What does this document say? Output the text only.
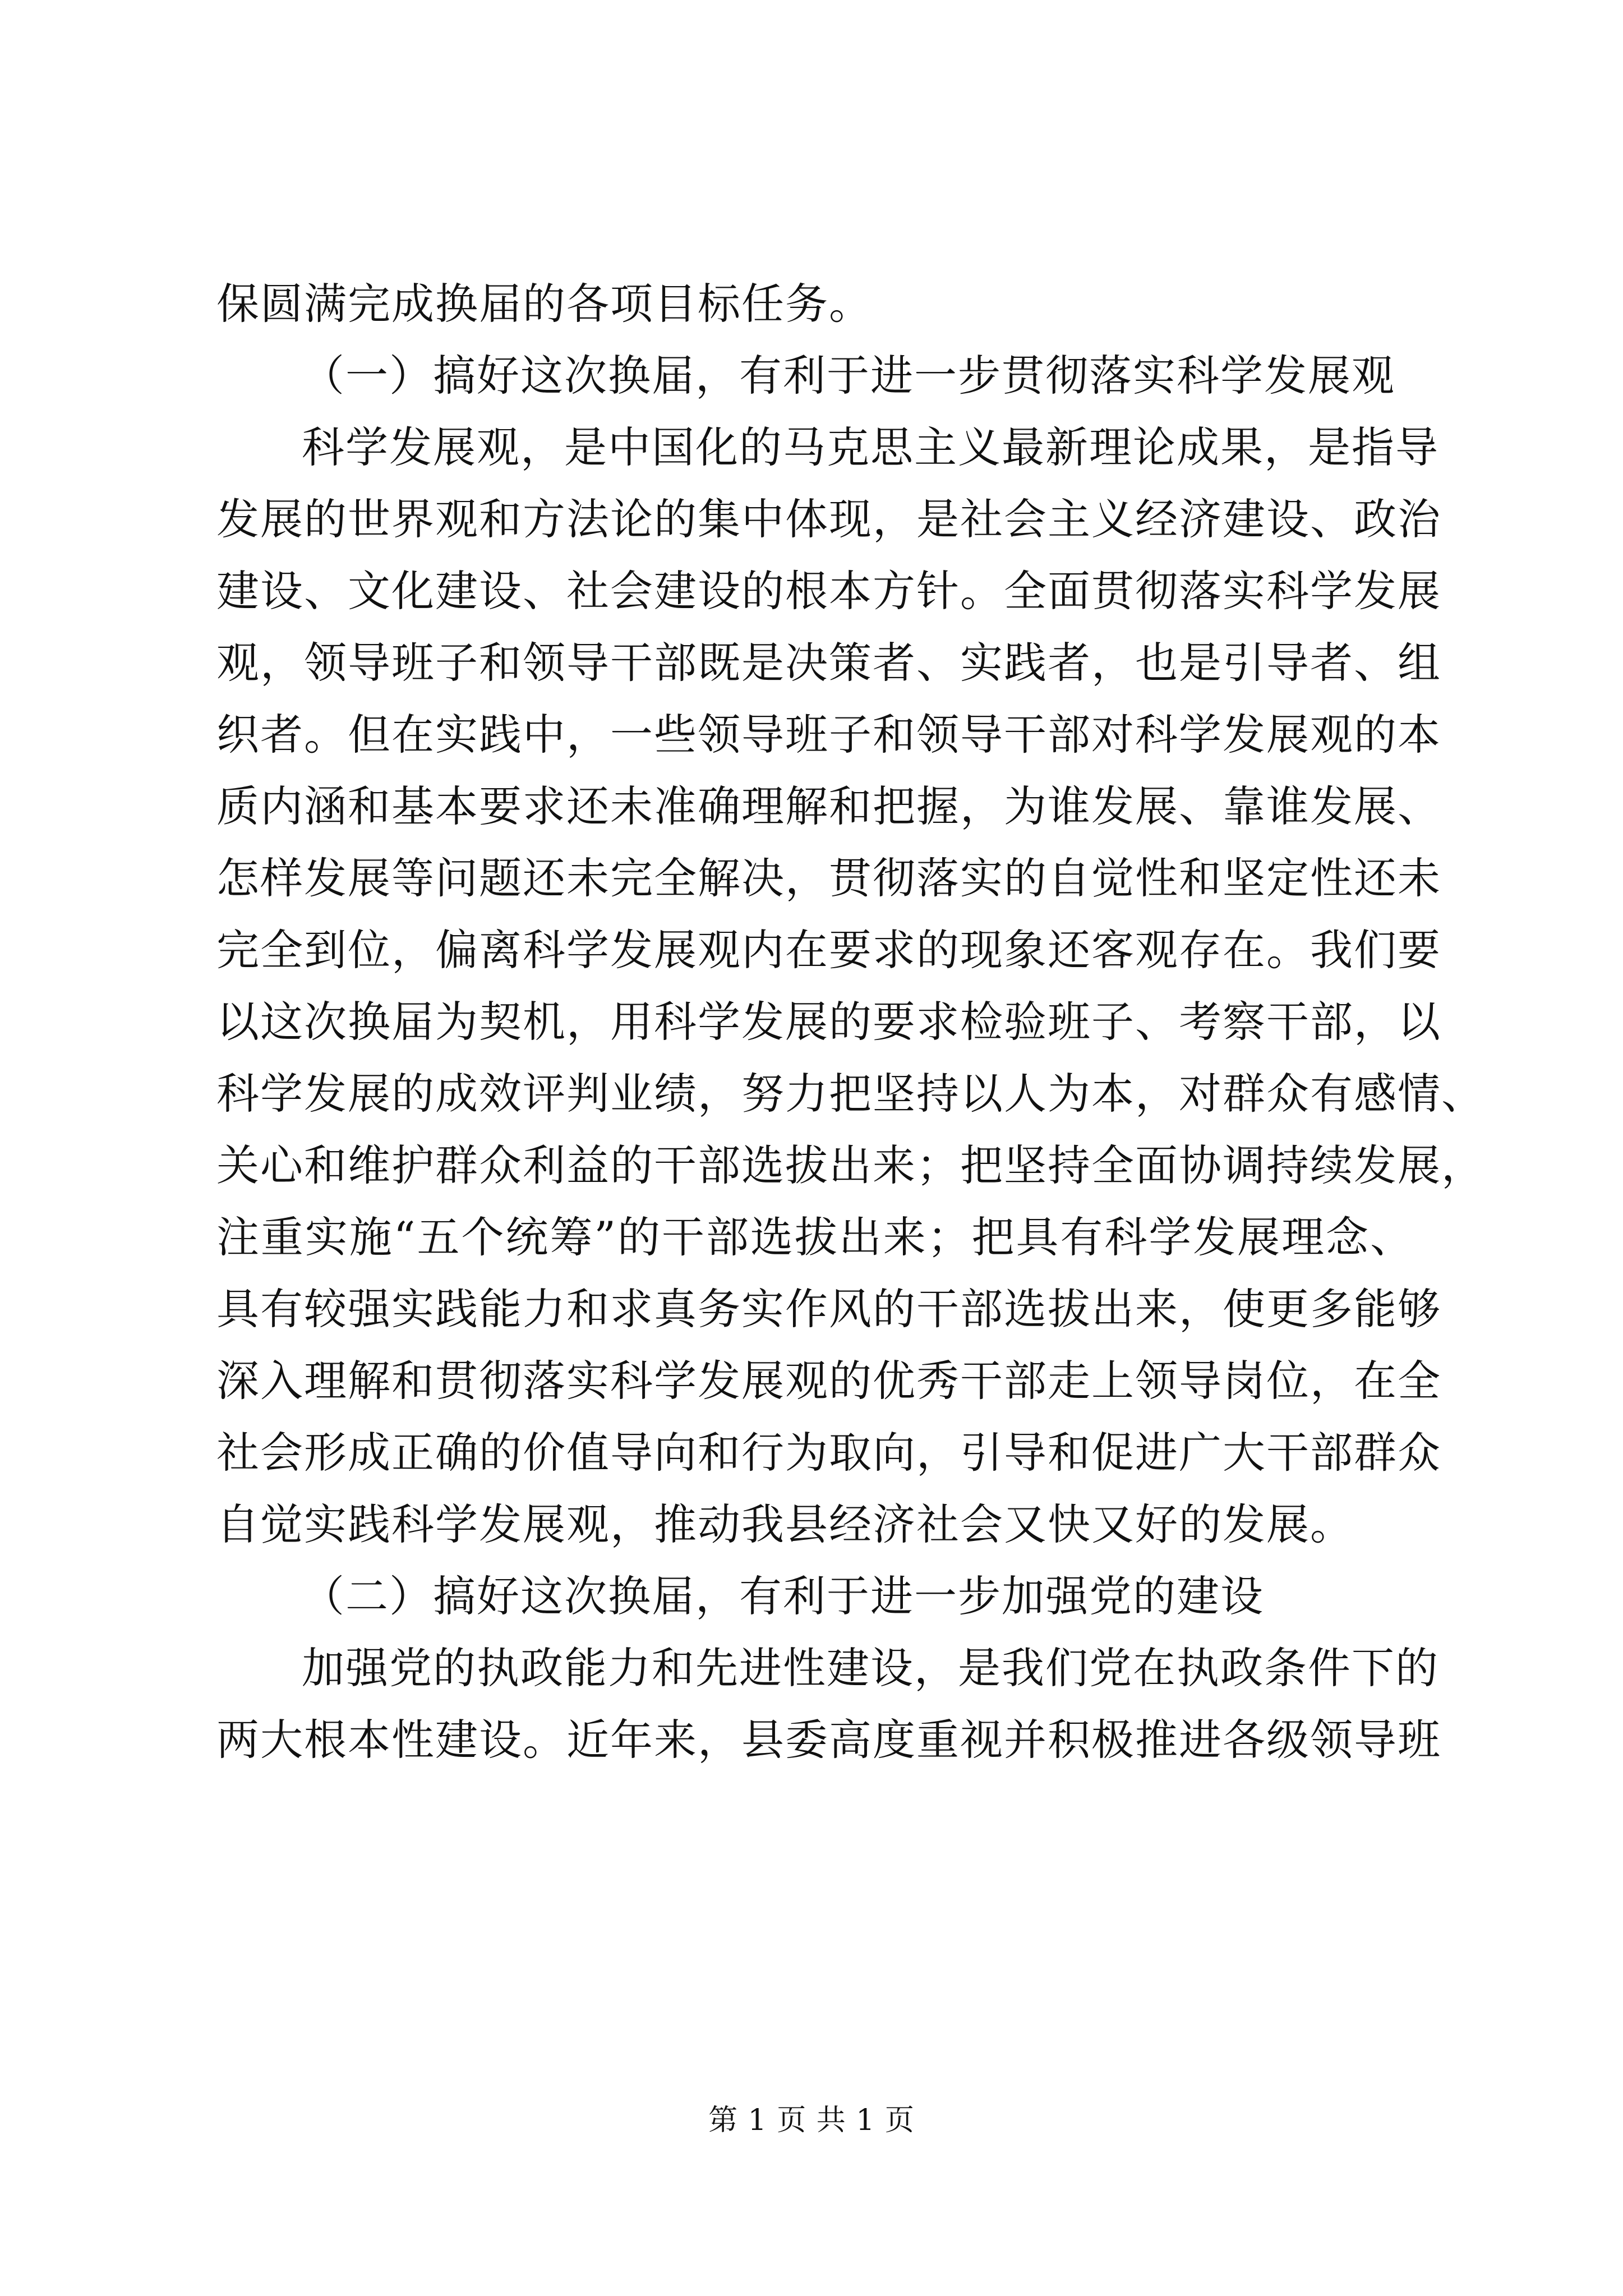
保圆满完成换届的各项目标任务。
（一）搞好这次换届，有利于进一步贯彻落实科学发展观
科学发展观，是中国化的马克思主义最新理论成果，是指导
发展的世界观和方法论的集中体现，是社会主义经济建设、政治
建设、文化建设、社会建设的根本方针。全面贯彻落实科学发展
观，领导班子和领导干部既是决策者、实践者，也是引导者、组
织者。但在实践中，一些领导班子和领导干部对科学发展观的本
质内涵和基本要求还未准确理解和把握，为谁发展、靠谁发展、
怎样发展等问题还未完全解决，贯彻落实的自觉性和坚定性还未
完全到位，偏离科学发展观内在要求的现象还客观存在。我们要
以这次换届为契机，用科学发展的要求检验班子、考察干部，以
科学发展的成效评判业绩，努力把坚持以人为本，对群众有感情、
关心和维护群众利益的干部选拔出来；把坚持全面协调持续发展，
注重实施“五个统筹”的干部选拔出来；把具有科学发展理念、
具有较强实践能力和求真务实作风的干部选拔出来，使更多能够
深入理解和贯彻落实科学发展观的优秀干部走上领导岗位，在全
社会形成正确的价值导向和行为取向，引导和促进广大干部群众
自觉实践科学发展观，推动我县经济社会又快又好的发展。
（二）搞好这次换届，有利于进一步加强党的建设
加强党的执政能力和先进性建设，是我们党在执政条件下的
两大根本性建设。近年来，县委高度重视并积极推进各级领导班
第 1 页 共 1 页
